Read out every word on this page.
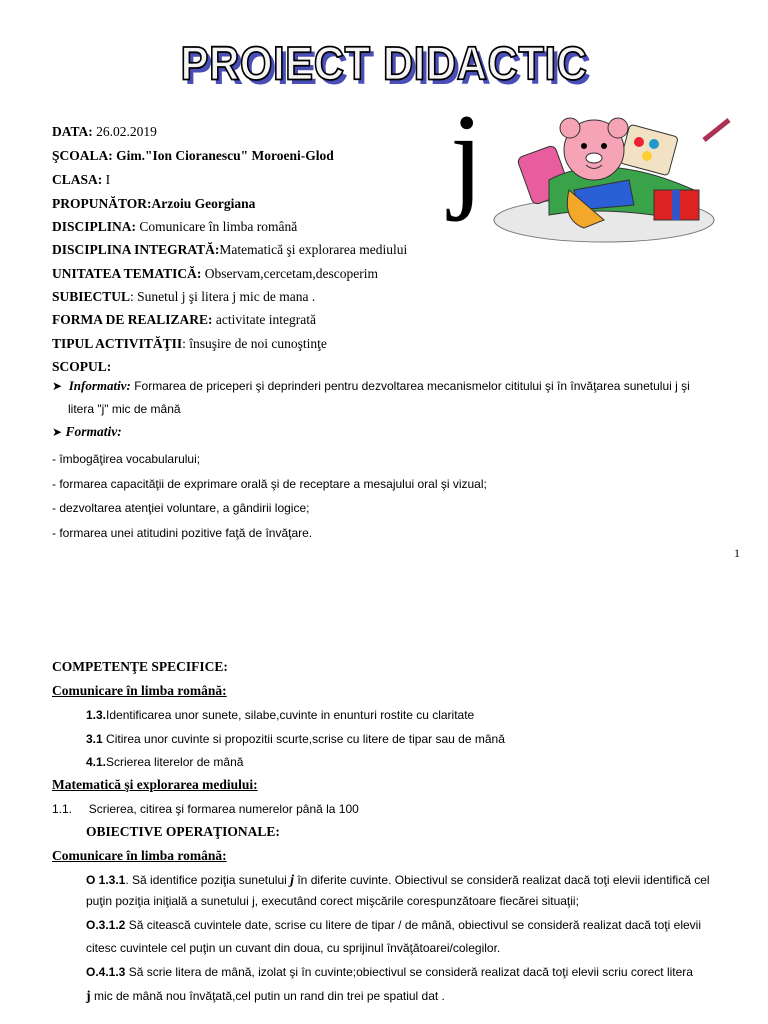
PROIECT DIDACTIC
j
DATA: 26.02.2019
ŞCOALA: Gim."Ion Cioranescu" Moroeni-Glod
CLASA: I
PROPUNĂTOR:Arzoiu Georgiana
DISCIPLINA: Comunicare în limba română
DISCIPLINA INTEGRATĂ:Matematică şi explorarea mediului
UNITATEA TEMATICĂ: Observam,cercetam,descoperim
SUBIECTUL: Sunetul j şi litera j mic de mana .
FORMA DE REALIZARE: activitate integrată
TIPUL ACTIVITĂŢII: însuşire de noi cunoştinţe
SCOPUL:
➤ Informativ: Formarea de priceperi şi deprinderi pentru dezvoltarea mecanismelor cititului şi în învăţarea sunetului j şi
litera "j" mic de mână
➤ Formativ:
- îmbogăţirea vocabularului;
- formarea capacităţii de exprimare orală şi de receptare a mesajului oral şi vizual;
- dezvoltarea atenţiei voluntare, a gândirii logice;
- formarea unei atitudini pozitive faţă de învăţare.
1
COMPETENŢE SPECIFICE:
Comunicare în limba română:
1.3.Identificarea unor sunete, silabe,cuvinte in enunturi rostite cu claritate
3.1 Citirea unor cuvinte si propozitii scurte,scrise cu litere de tipar sau de mână
4.1.Scrierea literelor de mână
Matematică şi explorarea mediului:
1.1. Scrierea, citirea şi formarea numerelor până la 100
OBIECTIVE OPERAŢIONALE:
Comunicare în limba română:
O 1.3.1. Să identifice poziţia sunetului j în diferite cuvinte. Obiectivul se consideră realizat dacă toţi elevii identifică cel
puţin poziţia iniţială a sunetului j, executând corect mişcările corespunzătoare fiecărei situaţii;
O.3.1.2 Să citească cuvintele date, scrise cu litere de tipar / de mână, obiectivul se consideră realizat dacă toţi elevii
citesc cuvintele cel puţin un cuvant din doua, cu sprijinul învăţătoarei/colegilor.
O.4.1.3 Să scrie litera de mână, izolat şi în cuvinte;obiectivul se consideră realizat dacă toţi elevii scriu corect litera
j mic de mână nou învăţată,cel putin un rand din trei pe spatiul dat .
